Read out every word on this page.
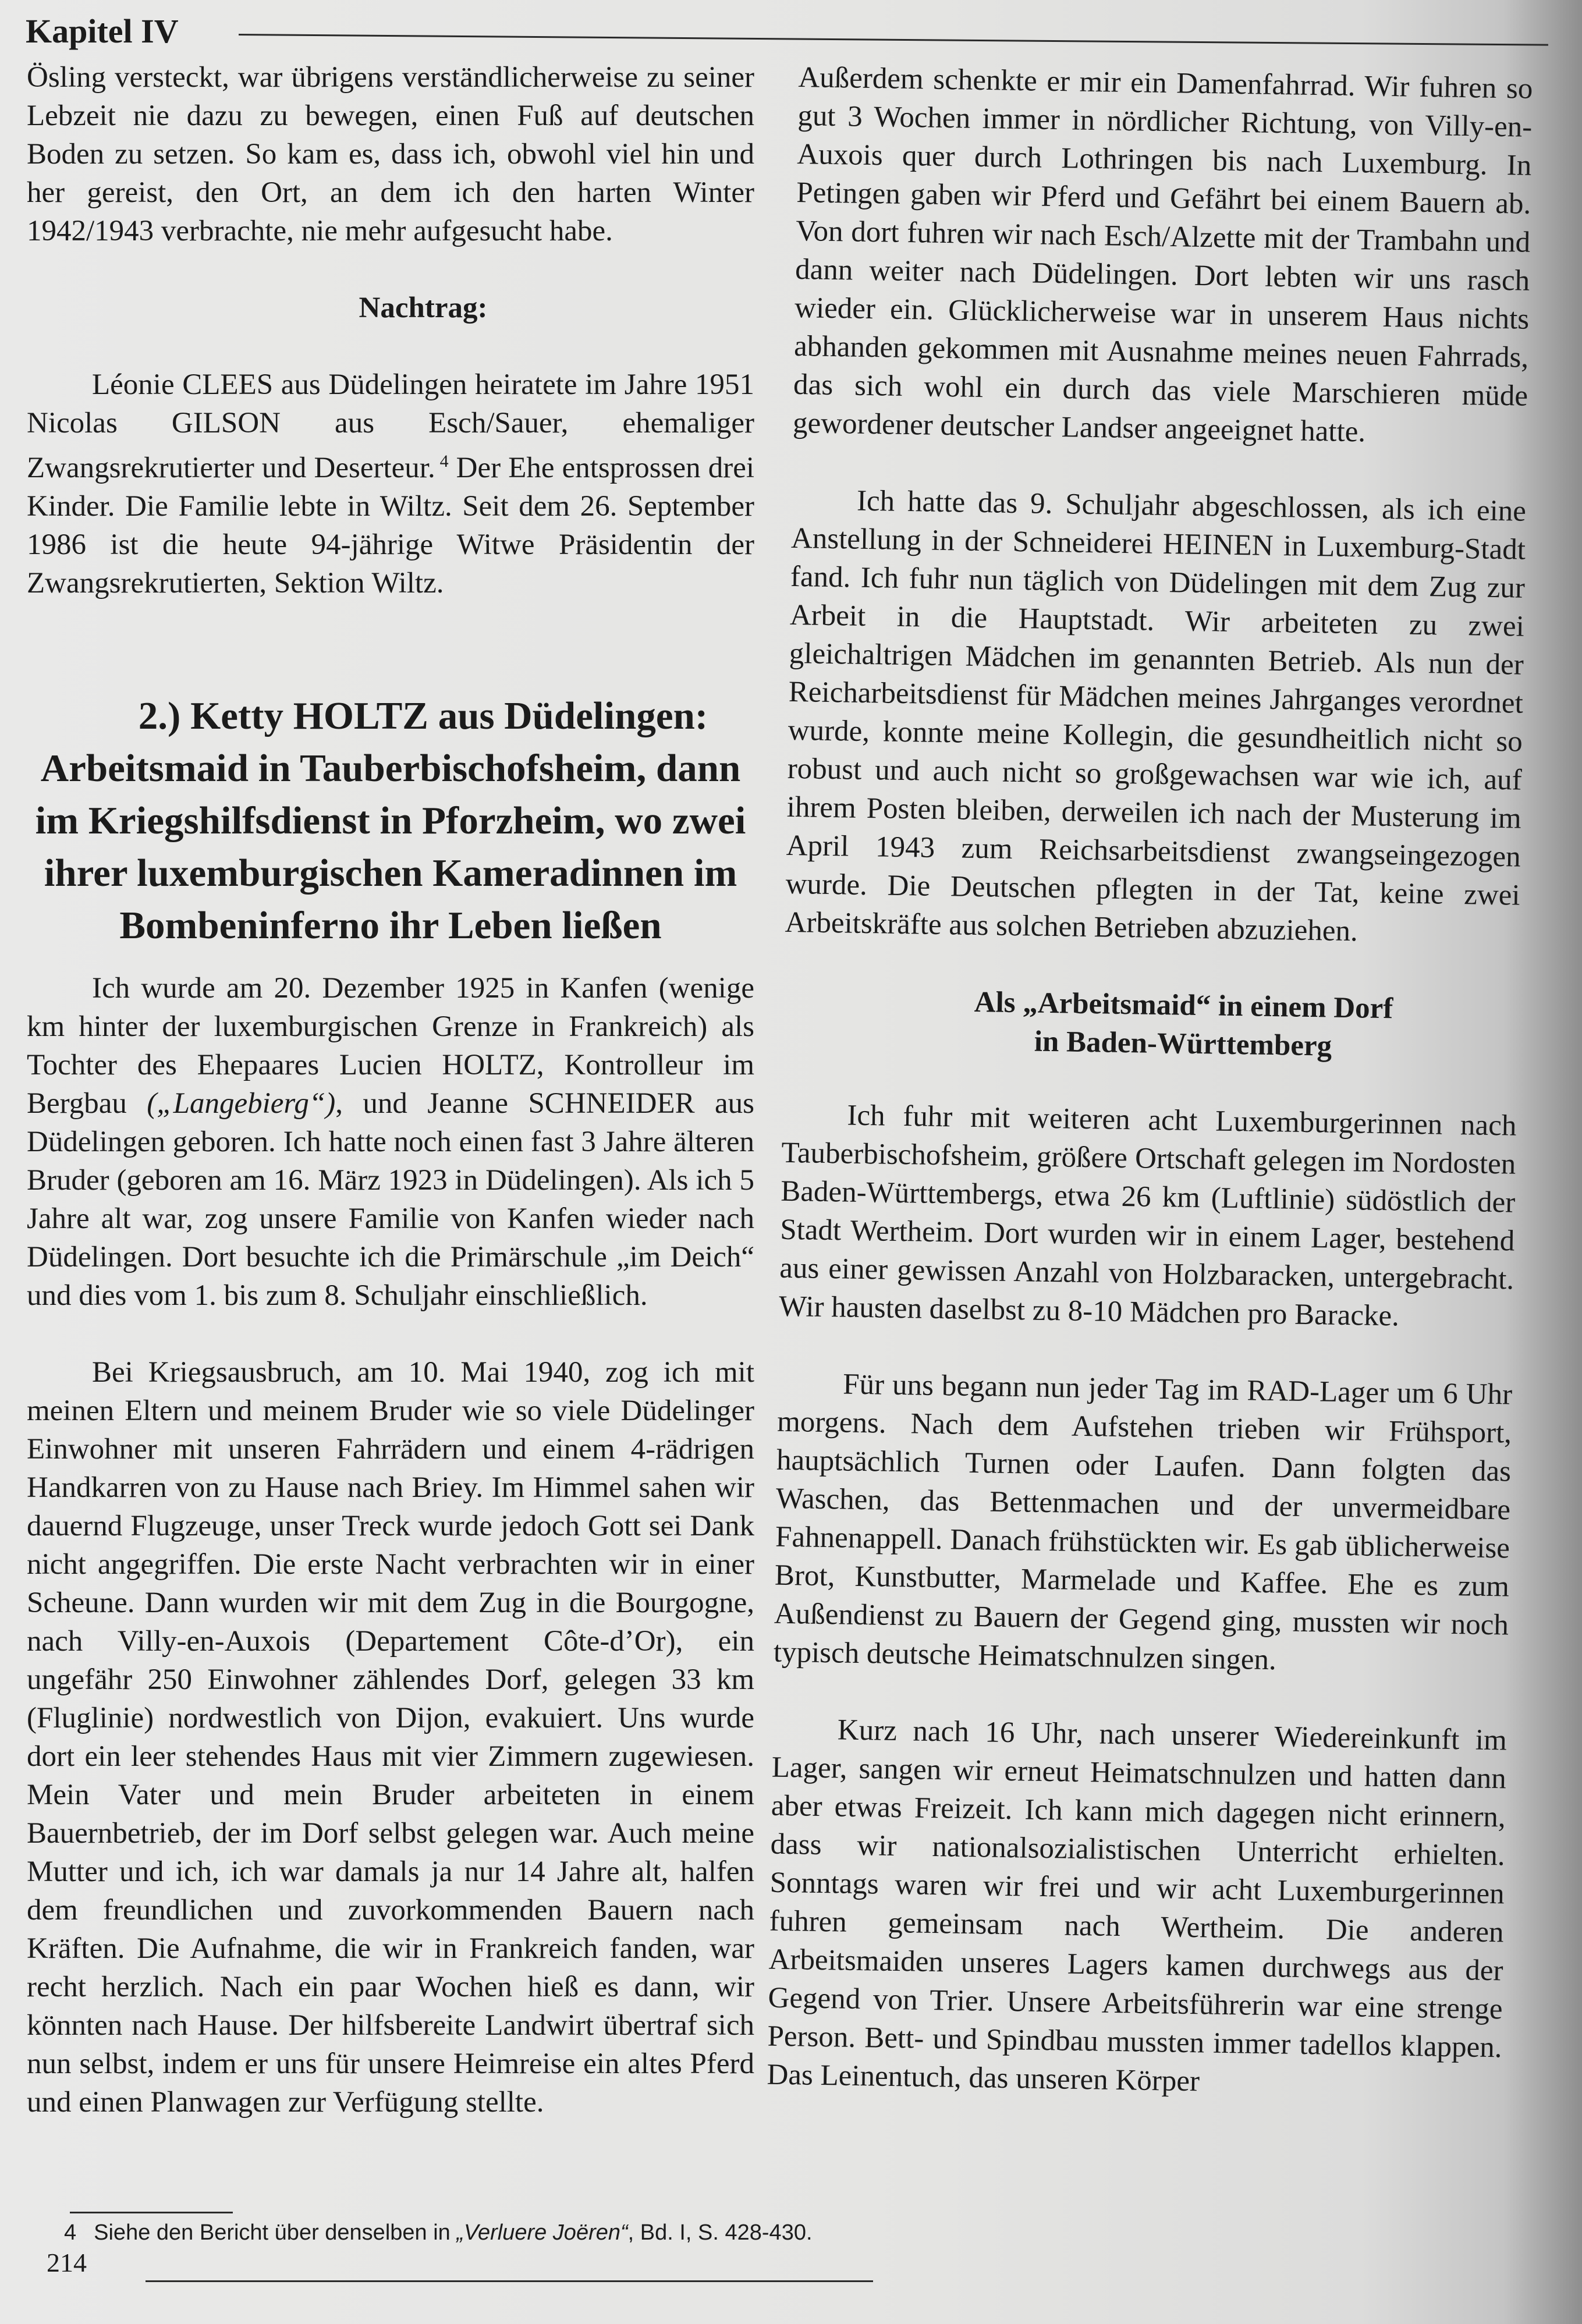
Kapitel IV

Ösling versteckt, war übrigens verständlicherweise zu seiner Lebzeit nie dazu zu bewegen, einen Fuß auf deutschen Boden zu setzen. So kam es, dass ich, obwohl viel hin und her gereist, den Ort, an dem ich den harten Winter 1942/1943 verbrachte, nie mehr aufgesucht habe.

Nachtrag:

Léonie CLEES aus Düdelingen heiratete im Jahre 1951 Nicolas GILSON aus Esch/Sauer, ehemaliger Zwangsrekrutierter und Deserteur. $^4$ Der Ehe entsprossen drei Kinder. Die Familie lebte in Wiltz. Seit dem 26. September 1986 ist die heute 94-jährige Witwe Präsidentin der Zwangsrekrutierten, Sektion Wiltz.

2.) Ketty HOLTZ aus Düdelingen: Arbeitsmaid in Tauberbischofsheim, dann im Kriegshilfsdienst in Pforzheim, wo zwei ihrer luxemburgischen Kameradinnen im Bombeninferno ihr Leben ließen

Ich wurde am 20. Dezember 1925 in Kanfen (wenige km hinter der luxemburgischen Grenze in Frankreich) als Tochter des Ehepaares Lucien HOLTZ, Kontrolleur im Bergbau („Langebierg“), und Jeanne SCHNEIDER aus Düdelingen geboren. Ich hatte noch einen fast 3 Jahre älteren Bruder (geboren am 16. März 1923 in Düdelingen). Als ich 5 Jahre alt war, zog unsere Familie von Kanfen wieder nach Düdelingen. Dort besuchte ich die Primärschule „im Deich“ und dies vom 1. bis zum 8. Schuljahr einschließlich.

Bei Kriegsausbruch, am 10. Mai 1940, zog ich mit meinen Eltern und meinem Bruder wie so viele Düdelinger Einwohner mit unseren Fahrrädern und einem 4-rädrigen Handkarren von zu Hause nach Briey. Im Himmel sahen wir dauernd Flugzeuge, unser Treck wurde jedoch Gott sei Dank nicht angegriffen. Die erste Nacht verbrachten wir in einer Scheune. Dann wurden wir mit dem Zug in die Bourgogne, nach Villy-en-Auxois (Departement Côte-d’Or), ein ungefähr 250 Einwohner zählendes Dorf, gelegen 33 km (Fluglinie) nordwestlich von Dijon, evakuiert. Uns wurde dort ein leer stehendes Haus mit vier Zimmern zugewiesen. Mein Vater und mein Bruder arbeiteten in einem Bauernbetrieb, der im Dorf selbst gelegen war. Auch meine Mutter und ich, ich war damals ja nur 14 Jahre alt, halfen dem freundlichen und zuvorkommenden Bauern nach Kräften. Die Aufnahme, die wir in Frankreich fanden, war recht herzlich. Nach ein paar Wochen hieß es dann, wir könnten nach Hause. Der hilfsbereite Landwirt übertraf sich nun selbst, indem er uns für unsere Heimreise ein altes Pferd und einen Planwagen zur Verfügung stellte.

Außerdem schenkte er mir ein Damenfahrrad. Wir fuhren so gut 3 Wochen immer in nördlicher Richtung, von Villy-en-Auxois quer durch Lothringen bis nach Luxemburg. In Petingen gaben wir Pferd und Gefährt bei einem Bauern ab. Von dort fuhren wir nach Esch/Alzette mit der Trambahn und dann weiter nach Düdelingen. Dort lebten wir uns rasch wieder ein. Glücklicherweise war in unserem Haus nichts abhanden gekommen mit Ausnahme meines neuen Fahrrads, das sich wohl ein durch das viele Marschieren müde gewordener deutscher Landser angeeignet hatte.

Ich hatte das 9. Schuljahr abgeschlossen, als ich eine Anstellung in der Schneiderei HEINEN in Luxemburg-Stadt fand. Ich fuhr nun täglich von Düdelingen mit dem Zug zur Arbeit in die Hauptstadt. Wir arbeiteten zu zwei gleichaltrigen Mädchen im genannten Betrieb. Als nun der Reicharbeitsdienst für Mädchen meines Jahrganges verordnet wurde, konnte meine Kollegin, die gesundheitlich nicht so robust und auch nicht so großgewachsen war wie ich, auf ihrem Posten bleiben, derweilen ich nach der Musterung im April 1943 zum Reichsarbeitsdienst zwangseingezogen wurde. Die Deutschen pflegten in der Tat, keine zwei Arbeitskräfte aus solchen Betrieben abzuziehen.

Als „Arbeitsmaid“ in einem Dorf

in Baden-Württemberg

Ich fuhr mit weiteren acht Luxemburgerinnen nach Tauberbischofsheim, größere Ortschaft gelegen im Nordosten Baden-Württembergs, etwa 26 km (Luftlinie) südöstlich der Stadt Wertheim. Dort wurden wir in einem Lager, bestehend aus einer gewissen Anzahl von Holzbaracken, untergebracht. Wir hausten daselbst zu 8-10 Mädchen pro Baracke.

Für uns begann nun jeder Tag im RAD-Lager um 6 Uhr morgens. Nach dem Aufstehen trieben wir Frühsport, hauptsächlich Turnen oder Laufen. Dann folgten das Waschen, das Bettenmachen und der unvermeidbare Fahnenappell. Danach frühstückten wir. Es gab üblicherweise Brot, Kunstbutter, Marmelade und Kaffee. Ehe es zum Außendienst zu Bauern der Gegend ging, mussten wir noch typisch deutsche Heimatschnulzen singen.

Kurz nach 16 Uhr, nach unserer Wiedereinkunft im Lager, sangen wir erneut Heimatschnulzen und hatten dann aber etwas Freizeit. Ich kann mich dagegen nicht erinnern, dass wir nationalsozialistischen Unterricht erhielten. Sonntags waren wir frei und wir acht Luxemburgerinnen fuhren gemeinsam nach Wertheim. Die anderen Arbeitsmaiden unseres Lagers kamen durchwegs aus der Gegend von Trier. Unsere Arbeitsführerin war eine strenge Person. Bett- und Spindbau mussten immer tadellos klappen. Das Leinentuch, das unseren Körper

4 Siehe den Bericht über denselben in „Verluere Joëren“, Bd. I, S. 428-430.
214
